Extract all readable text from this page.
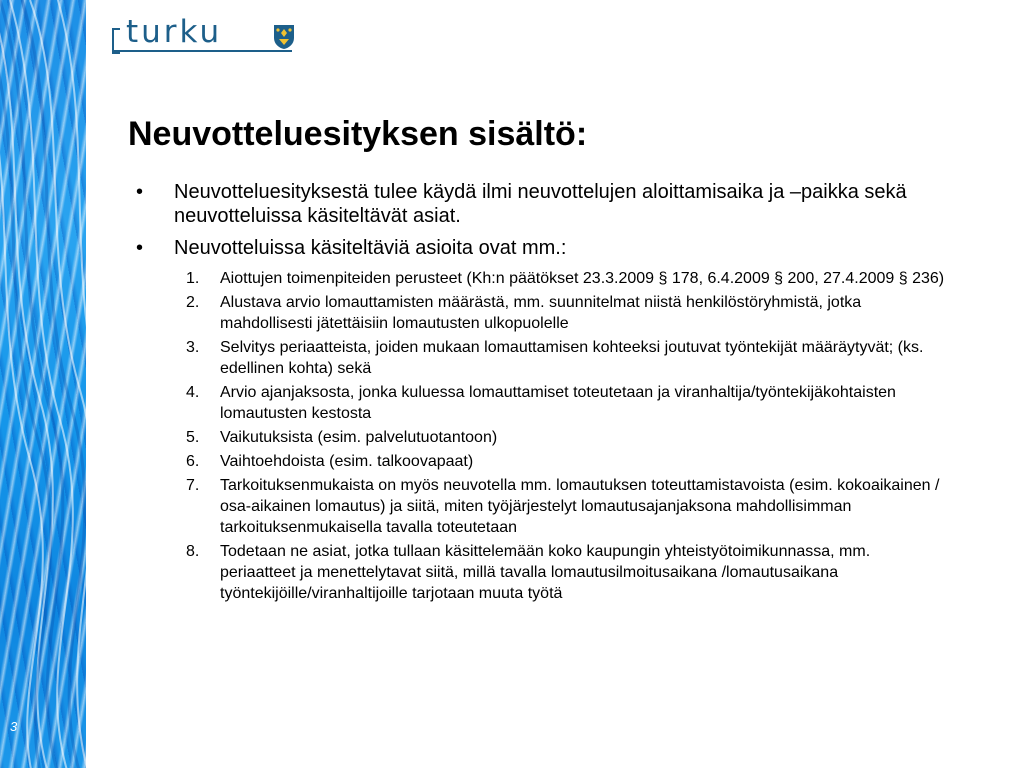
3
turku
Neuvotteluesityksen sisältö:
•	Neuvotteluesityksestä tulee käydä ilmi neuvottelujen aloittamisaika ja –paikka sekä neuvotteluissa käsiteltävät asiat.
•	Neuvotteluissa käsiteltäviä asioita ovat mm.:
1.	Aiottujen toimenpiteiden perusteet (Kh:n päätökset 23.3.2009 § 178, 6.4.2009 § 200, 27.4.2009 § 236)
2.	Alustava arvio lomauttamisten määrästä, mm. suunnitelmat niistä henkilöstöryhmistä, jotka mahdollisesti jätettäisiin lomautusten ulkopuolelle
3.	Selvitys periaatteista, joiden mukaan lomauttamisen kohteeksi joutuvat työntekijät määräytyvät; (ks. edellinen kohta) sekä
4.	Arvio ajanjaksosta, jonka kuluessa lomauttamiset toteutetaan ja viranhaltija/työntekijäkohtaisten lomautusten kestosta
5.	Vaikutuksista (esim. palvelutuotantoon)
6.	Vaihtoehdoista (esim. talkoovapaat)
7.	Tarkoituksenmukaista on myös neuvotella mm. lomautuksen toteuttamistavoista (esim. kokoaikainen / osa-aikainen lomautus) ja siitä, miten työjärjestelyt lomautusajanjaksona mahdollisimman tarkoituksenmukaisella tavalla toteutetaan
8.	Todetaan ne asiat, jotka tullaan käsittelemään koko kaupungin yhteistyötoimikunnassa, mm. periaatteet ja menettelytavat siitä, millä tavalla lomautusilmoitusaikana /lomautusaikana työntekijöille/viranhaltijoille tarjotaan muuta työtä
